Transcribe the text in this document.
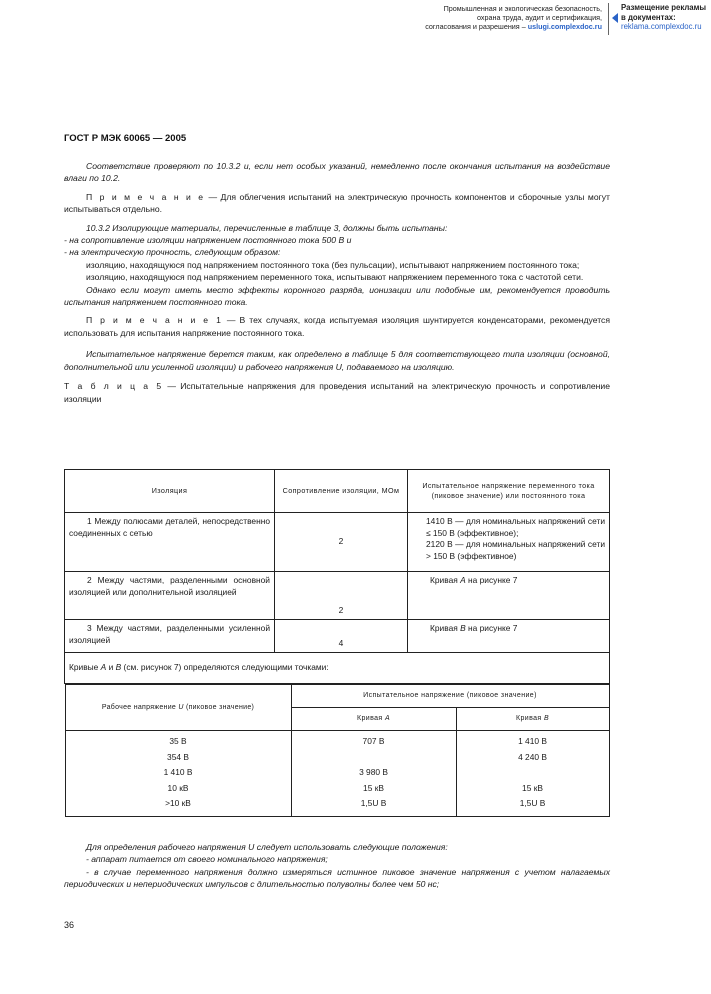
Промышленная и экологическая безопасность,
охрана труда, аудит и сертификация,
согласования и разрешения – uslugi.complexdoc.ru
Размещение рекламы
в документах:
reklama.complexdoc.ru
ГОСТ Р МЭК 60065 — 2005

Соответствие проверяют по 10.3.2 и, если нет особых указаний, немедленно после окончания испытания на воздействие влаги по 10.2.

П р и м е ч а н и е — Для облегчения испытаний на электрическую прочность компонентов и сборочные узлы могут испытываться отдельно.

10.3.2 Изолирующие материалы, перечисленные в таблице 3, должны быть испытаны:

- на сопротивление изоляции напряжением постоянного тока 500 В и

- на электрическую прочность, следующим образом:

изоляцию, находящуюся под напряжением постоянного тока (без пульсации), испытывают напряжением постоянного тока;

изоляцию, находящуюся под напряжением переменного тока, испытывают напряжением переменного тока с частотой сети.

Однако если могут иметь место эффекты коронного разряда, ионизации или подобные им, рекомендуется проводить испытания напряжением постоянного тока.

П р и м е ч а н и е 1 — В тех случаях, когда испытуемая изоляция шунтируется конденсаторами, рекомендуется использовать для испытания напряжение постоянного тока.

Испытательное напряжение берется таким, как определено в таблице 5 для соответствующего типа изоляции (основной, дополнительной или усиленной изоляции) и рабочего напряжения U, подаваемого на изоляцию.

Т а б л и ц а 5 — Испытательные напряжения для проведения испытаний на электрическую прочность и сопротивление изоляции

Изоляция	Сопротивление изоляции, МОм	Испытательное напряжение переменного тока (пиковое значение) или постоянного тока
1 Между полюсами деталей, непосредственно соединенных с сетью	2	1410 В — для номинальных напряжений сети ≤ 150 В (эффективное);
2120 В — для номинальных напряжений сети > 150 В (эффективное)
2 Между частями, разделенными основной изоляцией или дополнительной изоляцией	2	Кривая A на рисунке 7
3 Между частями, разделенными усиленной изоляцией	4	Кривая B на рисунке 7
Кривые A и B (см. рисунок 7) определяются следующими точками:

Рабочее напряжение U (пиковое значение)	Испытательное напряжение (пиковое значение)
Кривая A	Кривая B
35 В	707 В	1 410 В
354 В		4 240 В
1 410 В	3 980 В	
10 кВ	15 кВ	15 кВ
>10 кВ	1,5U В	1,5U В

Для определения рабочего напряжения U следует использовать следующие положения:

- аппарат питается от своего номинального напряжения;

- в случае переменного напряжения должно измеряться истинное пиковое значение напряжения с учетом налагаемых периодических и непериодических импульсов с длительностью полуволны более чем 50 нс;

36
